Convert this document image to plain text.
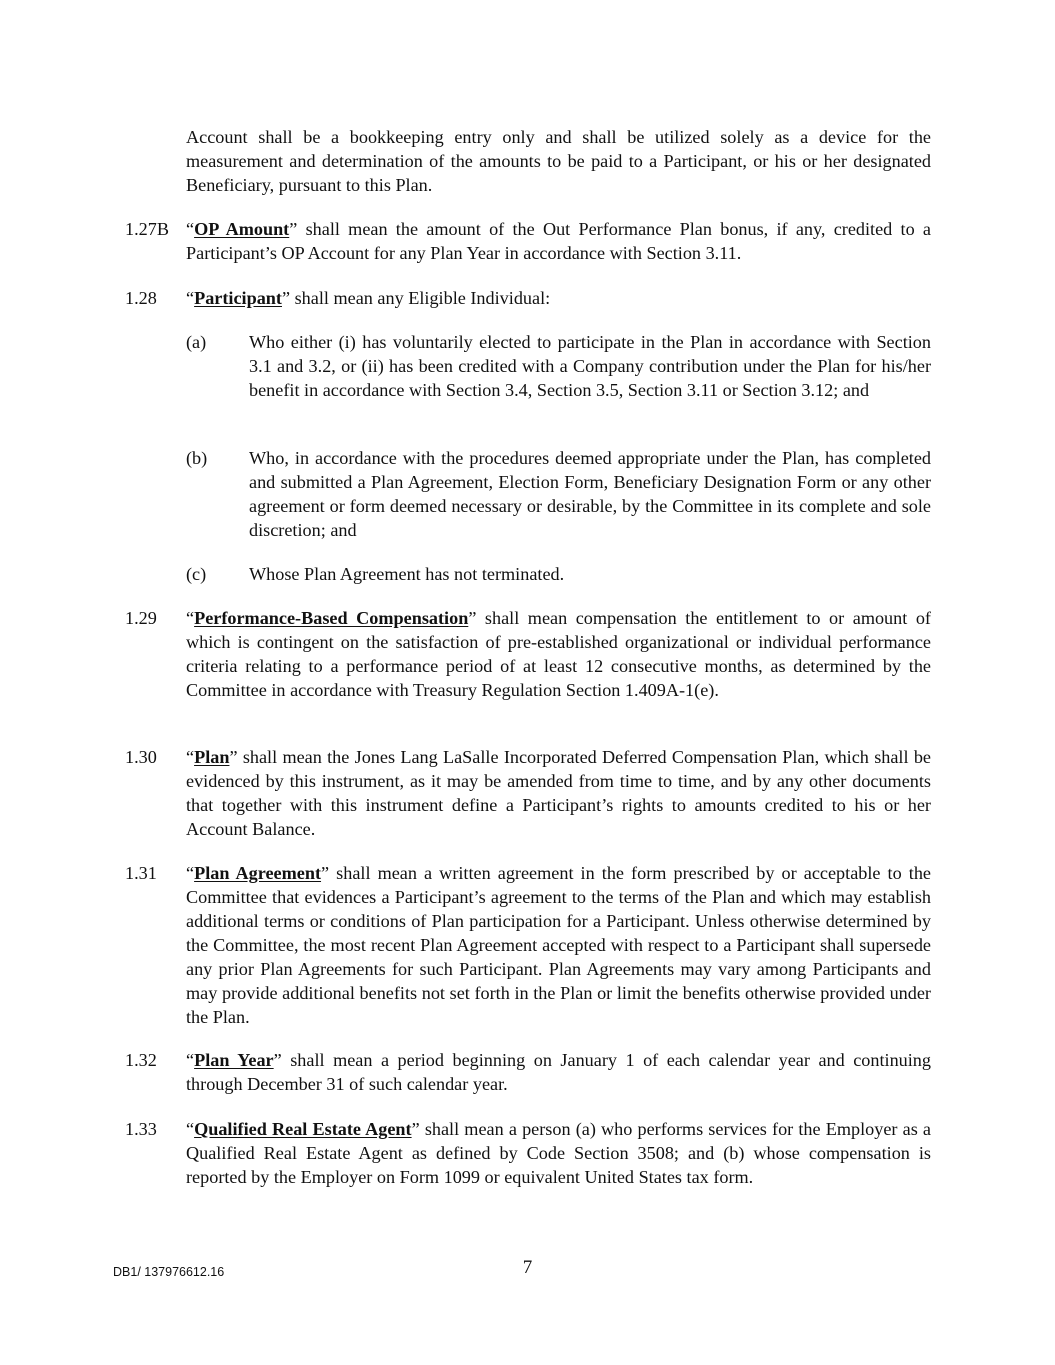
Account shall be a bookkeeping entry only and shall be utilized solely as a device for the measurement and determination of the amounts to be paid to a Participant, or his or her designated Beneficiary, pursuant to this Plan.

1.27B “OP Amount” shall mean the amount of the Out Performance Plan bonus, if any, credited to a Participant’s OP Account for any Plan Year in accordance with Section 3.11.

1.28 “Participant” shall mean any Eligible Individual:

(a) Who either (i) has voluntarily elected to participate in the Plan in accordance with Section 3.1 and 3.2, or (ii) has been credited with a Company contribution under the Plan for his/her benefit in accordance with Section 3.4, Section 3.5, Section 3.11 or Section 3.12; and

(b) Who, in accordance with the procedures deemed appropriate under the Plan, has completed and submitted a Plan Agreement, Election Form, Beneficiary Designation Form or any other agreement or form deemed necessary or desirable, by the Committee in its complete and sole discretion; and

(c) Whose Plan Agreement has not terminated.

1.29 “Performance-Based Compensation” shall mean compensation the entitlement to or amount of which is contingent on the satisfaction of pre-established organizational or individual performance criteria relating to a performance period of at least 12 consecutive months, as determined by the Committee in accordance with Treasury Regulation Section 1.409A-1(e).

1.30 “Plan” shall mean the Jones Lang LaSalle Incorporated Deferred Compensation Plan, which shall be evidenced by this instrument, as it may be amended from time to time, and by any other documents that together with this instrument define a Participant’s rights to amounts credited to his or her Account Balance.

1.31 “Plan Agreement” shall mean a written agreement in the form prescribed by or acceptable to the Committee that evidences a Participant’s agreement to the terms of the Plan and which may establish additional terms or conditions of Plan participation for a Participant. Unless otherwise determined by the Committee, the most recent Plan Agreement accepted with respect to a Participant shall supersede any prior Plan Agreements for such Participant. Plan Agreements may vary among Participants and may provide additional benefits not set forth in the Plan or limit the benefits otherwise provided under the Plan.

1.32 “Plan Year” shall mean a period beginning on January 1 of each calendar year and continuing through December 31 of such calendar year.

1.33 “Qualified Real Estate Agent” shall mean a person (a) who performs services for the Employer as a Qualified Real Estate Agent as defined by Code Section 3508; and (b) whose compensation is reported by the Employer on Form 1099 or equivalent United States tax form.

DB1/ 137976612.16	7
